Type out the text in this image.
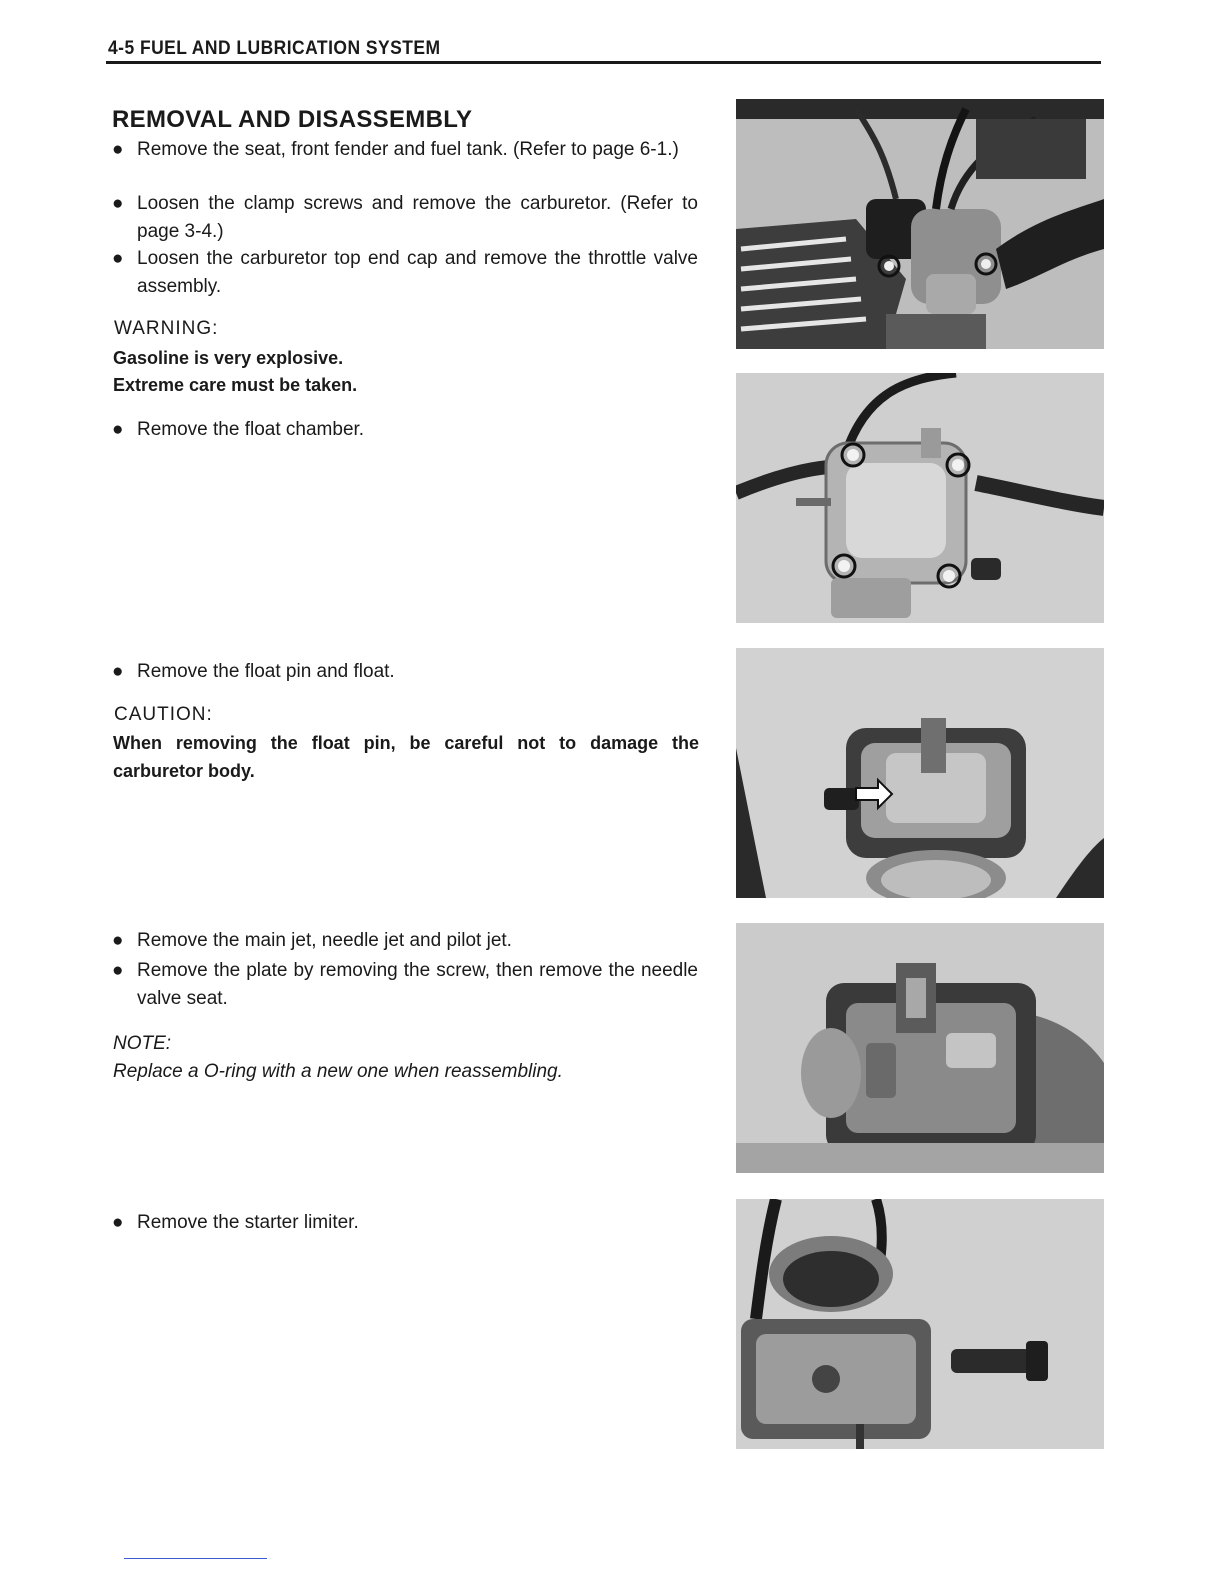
4-5 FUEL AND LUBRICATION SYSTEM
REMOVAL AND DISASSEMBLY
● Remove the seat, front fender and fuel tank. (Refer to page 6-1.)
● Loosen the clamp screws and remove the carburetor. (Refer to page 3-4.)
● Loosen the carburetor top end cap and remove the throttle valve assembly.
WARNING:
Gasoline is very explosive.
Extreme care must be taken.
● Remove the float chamber.
● Remove the float pin and float.
CAUTION:
When removing the float pin, be careful not to damage the carburetor body.
● Remove the main jet, needle jet and pilot jet.
● Remove the plate by removing the screw, then remove the needle valve seat.
NOTE:
Replace a O-ring with a new one when reassembling.
● Remove the starter limiter.
